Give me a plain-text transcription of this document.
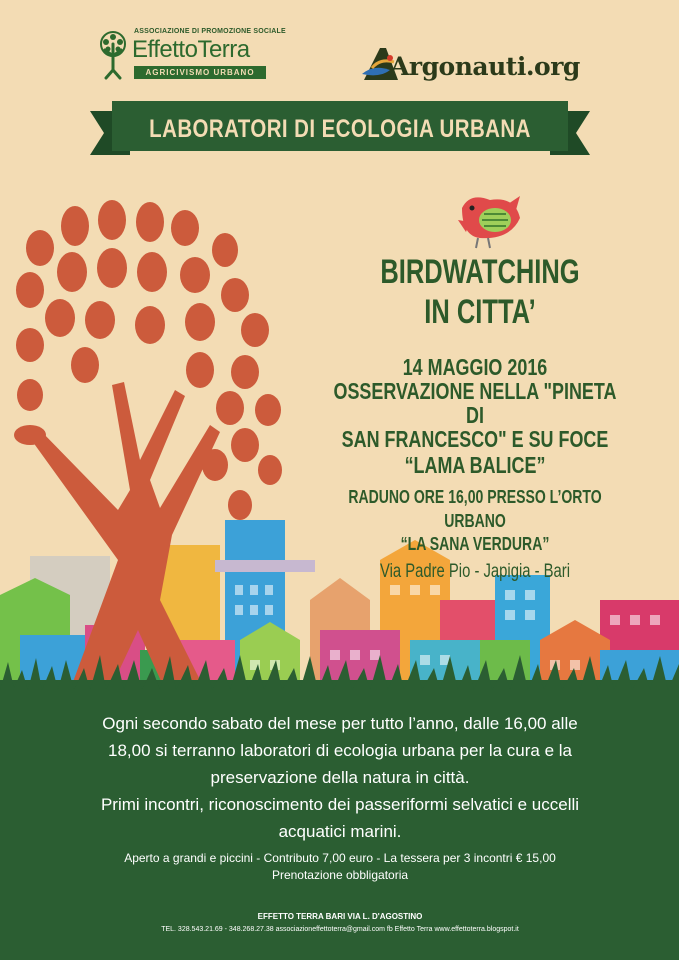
ASSOCIAZIONE DI PROMOZIONE SOCIALE
EffettoTerra
AGRICIVISMO URBANO	Argonauti.org
LABORATORI DI ECOLOGIA URBANA
BIRDWATCHING
IN CITTA’
14 MAGGIO 2016
OSSERVAZIONE NELLA "PINETA DI
SAN FRANCESCO" E SU FOCE
“LAMA BALICE”
RADUNO ORE 16,00 PRESSO L’ORTO URBANO
“LA SANA VERDURA”
Via Padre Pio - Japigia - Bari
Ogni secondo sabato del mese per tutto l’anno, dalle 16,00 alle
18,00 si terranno laboratori di ecologia urbana per la cura e la
preservazione della natura in città.
Primi incontri, riconoscimento dei passeriformi selvatici e uccelli
acquatici marini.
Aperto a grandi e piccini - Contributo 7,00 euro - La tessera per 3 incontri € 15,00
Prenotazione obbligatoria
EFFETTO TERRA BARI VIA L. D'AGOSTINO
TEL. 328.543.21.69 - 348.268.27.38 associazioneffettoterra@gmail.com fb Effetto Terra www.effettoterra.blogspot.it
